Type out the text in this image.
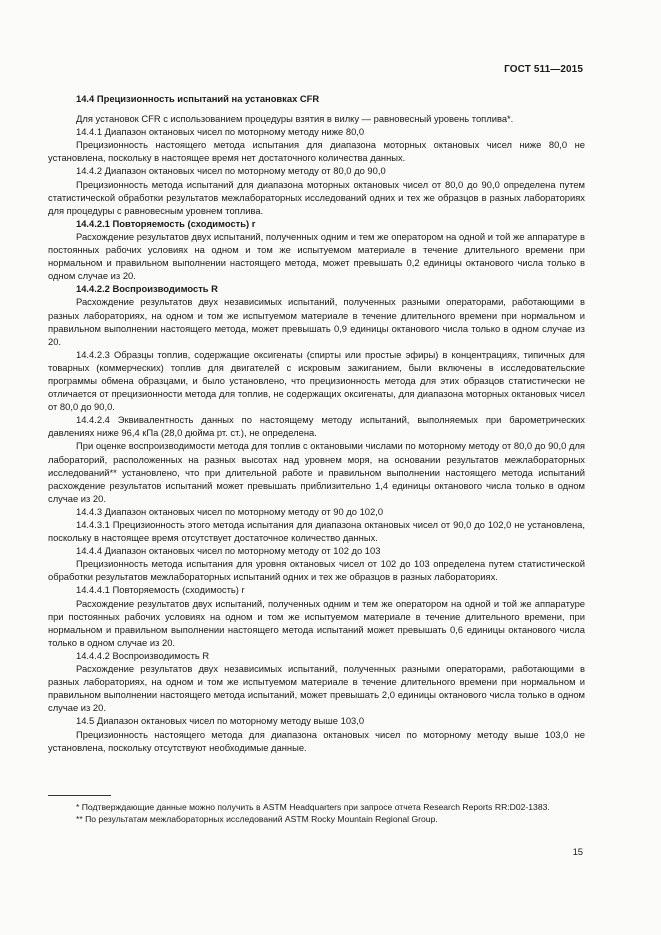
ГОСТ 511—2015

14.4 Прецизионность испытаний на установках CFR

Для установок CFR с использованием процедуры взятия в вилку — равновесный уровень топлива*.

14.4.1 Диапазон октановых чисел по моторному методу ниже 80,0

Прецизионность настоящего метода испытания для диапазона моторных октановых чисел ниже 80,0 не установлена, поскольку в настоящее время нет достаточного количества данных.

14.4.2 Диапазон октановых чисел по моторному методу от 80,0 до 90,0

Прецизионность метода испытаний для диапазона моторных октановых чисел от 80,0 до 90,0 определена путем статистической обработки результатов межлабораторных исследований одних и тех же образцов в разных лабораториях для процедуры с равновесным уровнем топлива.

14.4.2.1 Повторяемость (сходимость) r

Расхождение результатов двух испытаний, полученных одним и тем же оператором на одной и той же аппаратуре в постоянных рабочих условиях на одном и том же испытуемом материале в течение длительного времени при нормальном и правильном выполнении настоящего метода, может превышать 0,2 единицы октанового числа только в одном случае из 20.

14.4.2.2 Воспроизводимость R

Расхождение результатов двух независимых испытаний, полученных разными операторами, работающими в разных лабораториях, на одном и том же испытуемом материале в течение длительного времени при нормальном и правильном выполнении настоящего метода, может превышать 0,9 единицы октанового числа только в одном случае из 20.

14.4.2.3 Образцы топлив, содержащие оксигенаты (спирты или простые эфиры) в концентрациях, типичных для товарных (коммерческих) топлив для двигателей с искровым зажиганием, были включены в исследовательские программы обмена образцами, и было установлено, что прецизионность метода для этих образцов статистически не отличается от прецизионности метода для топлив, не содержащих оксигенаты, для диапазона моторных октановых чисел от 80,0 до 90,0.

14.4.2.4 Эквивалентность данных по настоящему методу испытаний, выполняемых при барометрических давлениях ниже 96,4 кПа (28,0 дюйма рт. ст.), не определена.

При оценке воспроизводимости метода для топлив с октановыми числами по моторному методу от 80,0 до 90,0 для лабораторий, расположенных на разных высотах над уровнем моря, на основании результатов межлабораторных исследований** установлено, что при длительной работе и правильном выполнении настоящего метода испытаний расхождение результатов испытаний может превышать приблизительно 1,4 единицы октанового числа только в одном случае из 20.

14.4.3 Диапазон октановых чисел по моторному методу от 90 до 102,0

14.4.3.1 Прецизионность этого метода испытания для диапазона октановых чисел от 90,0 до 102,0 не установлена, поскольку в настоящее время отсутствует достаточное количество данных.

14.4.4 Диапазон октановых чисел по моторному методу от 102 до 103

Прецизионность метода испытания для уровня октановых чисел от 102 до 103 определена путем статистической обработки результатов межлабораторных испытаний одних и тех же образцов в разных лабораториях.

14.4.4.1 Повторяемость (сходимость) r

Расхождение результатов двух испытаний, полученных одним и тем же оператором на одной и той же аппаратуре при постоянных рабочих условиях на одном и том же испытуемом материале в течение длительного времени, при нормальном и правильном выполнении настоящего метода испытаний может превышать 0,6 единицы октанового числа только в одном случае из 20.

14.4.4.2 Воспроизводимость R

Расхождение результатов двух независимых испытаний, полученных разными операторами, работающими в разных лабораториях, на одном и том же испытуемом материале в течение длительного времени при нормальном и правильном выполнении настоящего метода испытаний, может превышать 2,0 единицы октанового числа только в одном случае из 20.

14.5 Диапазон октановых чисел по моторному методу выше 103,0

Прецизионность настоящего метода для диапазона октановых чисел по моторному методу выше 103,0 не установлена, поскольку отсутствуют необходимые данные.

* Подтверждающие данные можно получить в ASTM Headquarters при запросе отчета Research Reports RR:D02-1383.

** По результатам межлабораторных исследований ASTM Rocky Mountain Regional Group.

15
